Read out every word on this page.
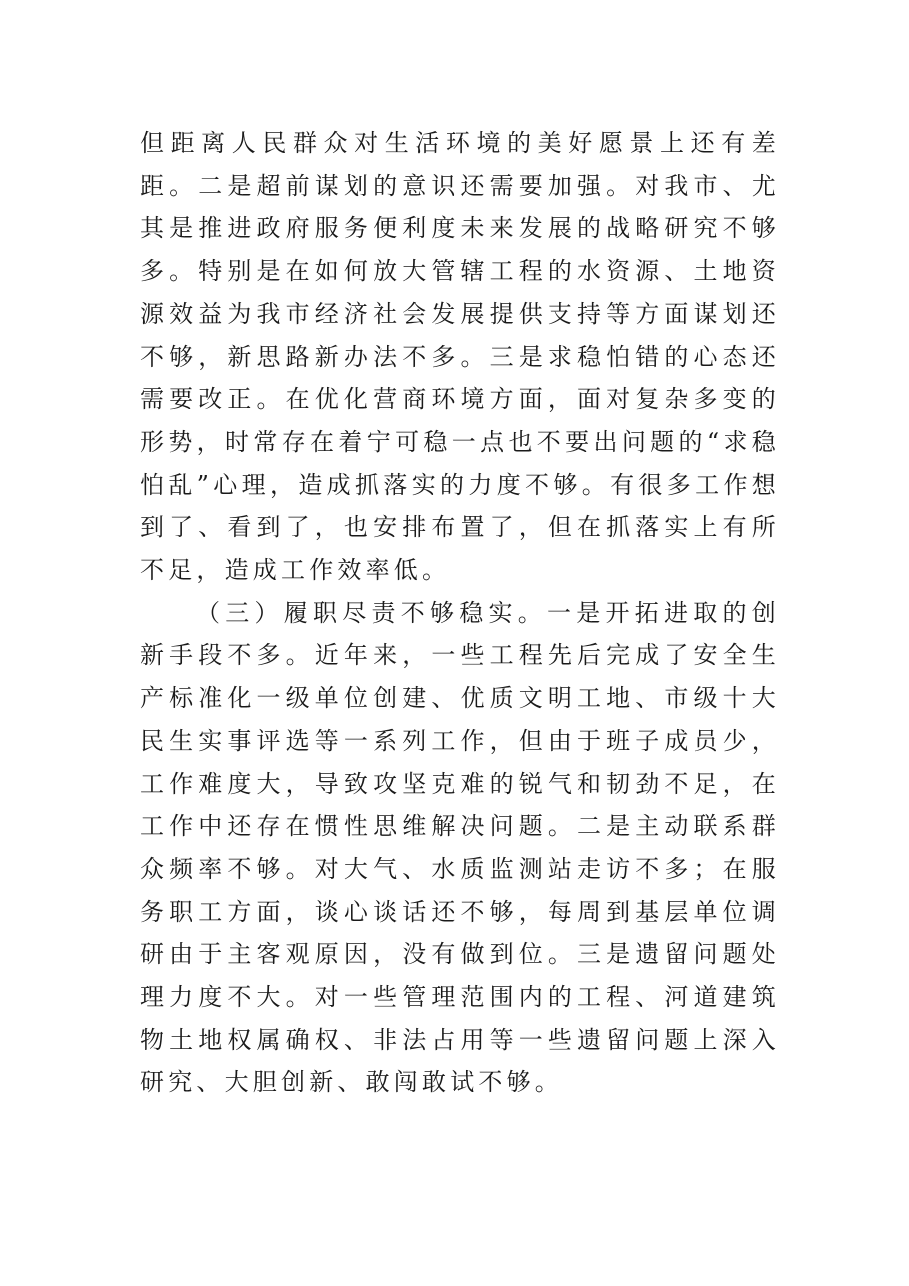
但距离人民群众对生活环境的美好愿景上还有差距。二是超前谋划的意识还需要加强。对我市、尤其是推进政府服务便利度未来发展的战略研究不够多。特别是在如何放大管辖工程的水资源、土地资源效益为我市经济社会发展提供支持等方面谋划还不够，新思路新办法不多。三是求稳怕错的心态还需要改正。在优化营商环境方面，面对复杂多变的形势，时常存在着宁可稳一点也不要出问题的“求稳怕乱”心理，造成抓落实的力度不够。有很多工作想到了、看到了，也安排布置了，但在抓落实上有所不足，造成工作效率低。

（三）履职尽责不够稳实。一是开拓进取的创新手段不多。近年来，一些工程先后完成了安全生产标准化一级单位创建、优质文明工地、市级十大民生实事评选等一系列工作，但由于班子成员少，工作难度大，导致攻坚克难的锐气和韧劲不足，在工作中还存在惯性思维解决问题。二是主动联系群众频率不够。对大气、水质监测站走访不多；在服务职工方面，谈心谈话还不够，每周到基层单位调研由于主客观原因，没有做到位。三是遗留问题处理力度不大。对一些管理范围内的工程、河道建筑物土地权属确权、非法占用等一些遗留问题上深入研究、大胆创新、敢闯敢试不够。
